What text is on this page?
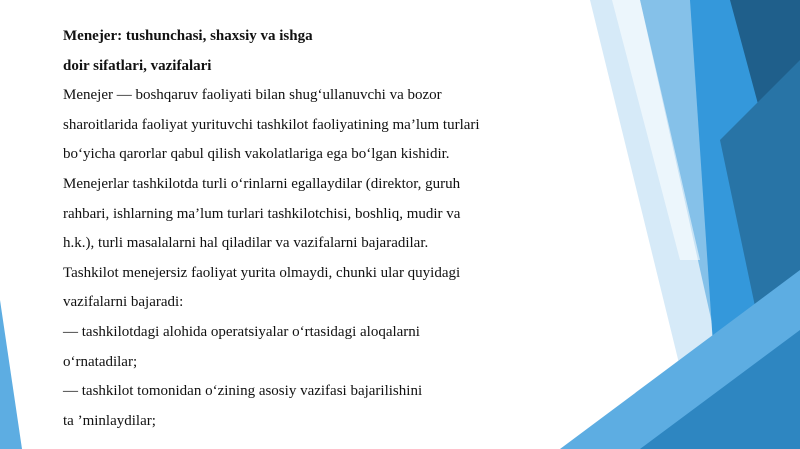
Menejer: tushunchasi, shaxsiy va ishga
doir sifatlari, vazifalari
Menejer — boshqaruv faoliyati bilan shug‘ullanuvchi va bozor
sharoitlarida faoliyat yurituvchi tashkilot faoliyatining ma’lum turlari
bo‘yicha qarorlar qabul qilish vakolatlariga ega bo‘lgan kishidir.
Menejerlar tashkilotda turli o‘rinlarni egallaydilar (direktor, guruh
rahbari, ishlarning ma’lum turlari tashkilotchisi, boshliq, mudir va
h.k.), turli masalalarni hal qiladilar va vazifalarni bajaradilar.
Tashkilot menejersiz faoliyat yurita olmaydi, chunki ular quyidagi
vazifalarni bajaradi:
— tashkilotdagi alohida operatsiyalar o‘rtasidagi aloqalarni
o‘rnatadilar;
— tashkilot tomonidan o‘zining asosiy vazifasi bajarilishini
ta ’minlaydilar;
